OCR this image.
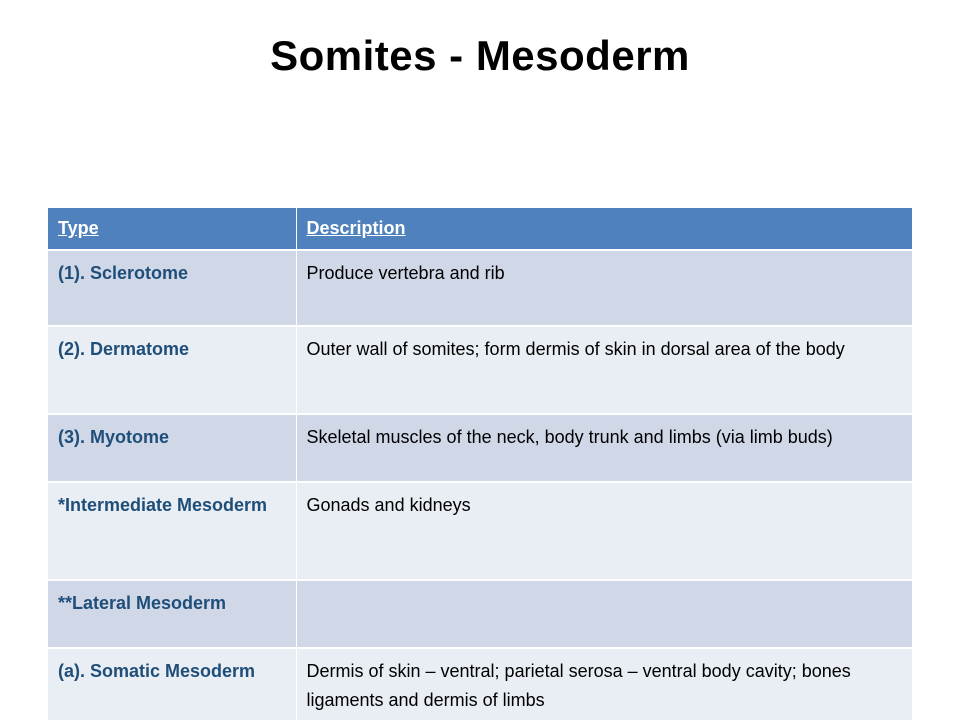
Somites - Mesoderm
Type	Description
(1). Sclerotome	Produce vertebra and rib
(2). Dermatome	Outer wall of somites; form dermis of skin in dorsal area of the body
(3). Myotome	Skeletal muscles of the neck, body trunk and limbs (via limb buds)
*Intermediate Mesoderm	Gonads and kidneys
**Lateral Mesoderm	
(a). Somatic Mesoderm	Dermis of skin – ventral; parietal serosa – ventral body cavity; bones ligaments and dermis of limbs
